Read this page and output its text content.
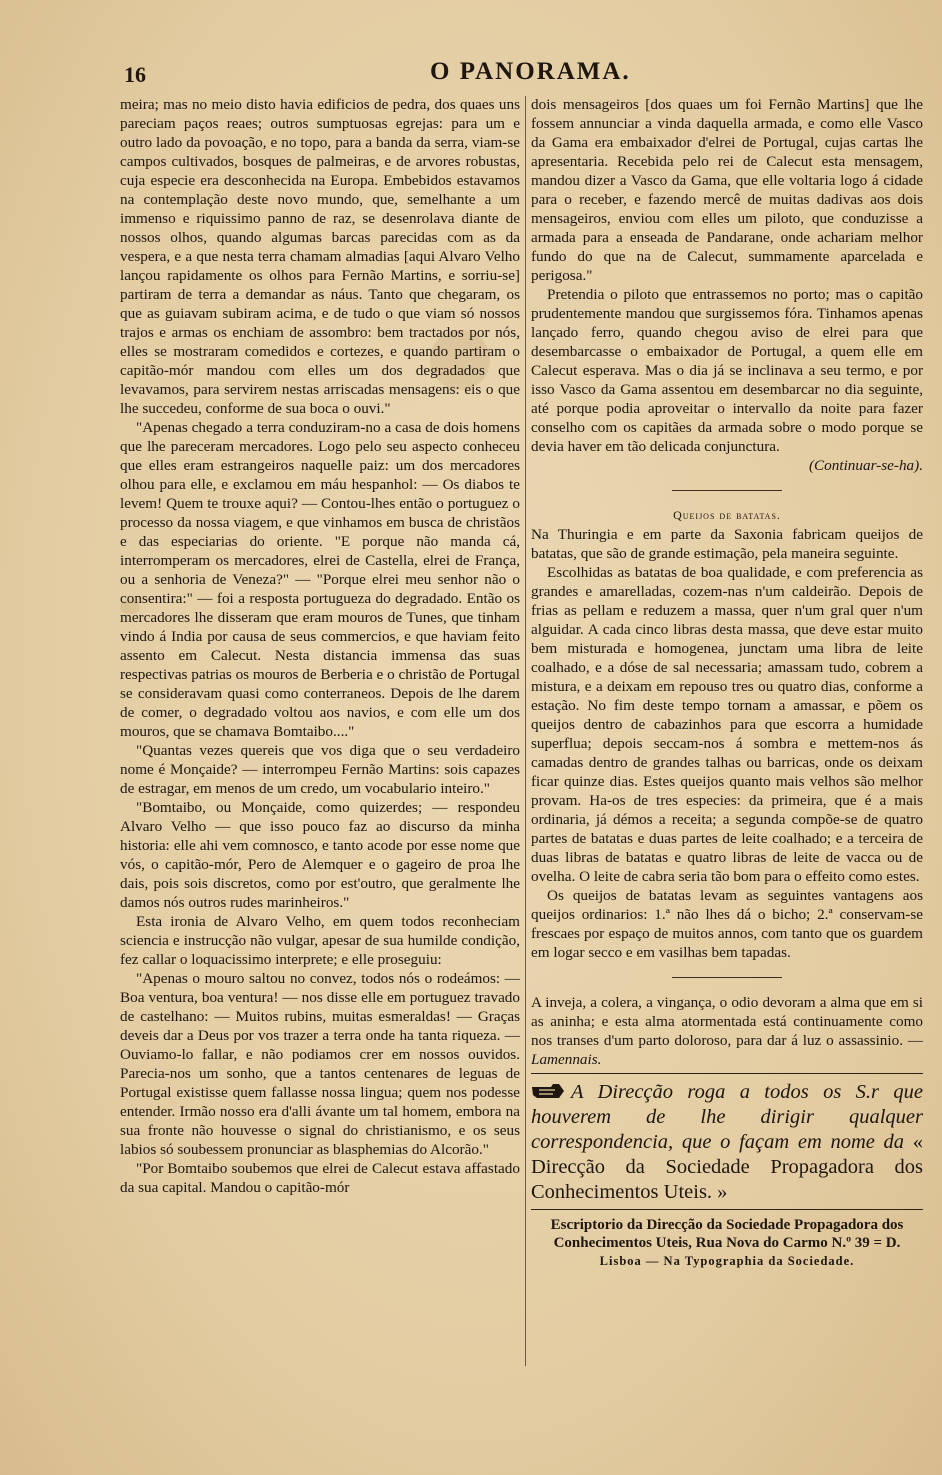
16	O PANORAMA.

meira; mas no meio disto havia edificios de pedra, dos quaes uns pareciam paços reaes; outros sumptuosas egrejas: para um e outro lado da povoação, e no topo, para a banda da serra, viam-se campos cultivados, bosques de palmeiras, e de arvores robustas, cuja especie era desconhecida na Europa. Embebidos estavamos na contemplação deste novo mundo, que, semelhante a um immenso e riquissimo panno de raz, se desenrolava diante de nossos olhos, quando algumas barcas parecidas com as da vespera, e a que nesta terra chamam almadias [aqui Alvaro Velho lançou rapidamente os olhos para Fernão Martins, e sorriu-se] partiram de terra a demandar as náus. Tanto que chegaram, os que as guiavam subiram acima, e de tudo o que viam só nossos trajos e armas os enchiam de assombro: bem tractados por nós, elles se mostraram comedidos e cortezes, e quando partiram o capitão-mór mandou com elles um dos degradados que levavamos, para servirem nestas arriscadas mensagens: eis o que lhe succedeu, conforme de sua boca o ouvi."

"Apenas chegado a terra conduziram-no a casa de dois homens que lhe pareceram mercadores. Logo pelo seu aspecto conheceu que elles eram estrangeiros naquelle paiz: um dos mercadores olhou para elle, e exclamou em máu hespanhol: — Os diabos te levem! Quem te trouxe aqui? — Contou-lhes então o portuguez o processo da nossa viagem, e que vinhamos em busca de christãos e das especiarias do oriente. "E porque não manda cá, interromperam os mercadores, elrei de Castella, elrei de França, ou a senhoria de Veneza?" — "Porque elrei meu senhor não o consentira:" — foi a resposta portugueza do degradado. Então os mercadores lhe disseram que eram mouros de Tunes, que tinham vindo á India por causa de seus commercios, e que haviam feito assento em Calecut. Nesta distancia immensa das suas respectivas patrias os mouros de Berberia e o christão de Portugal se consideravam quasi como conterraneos. Depois de lhe darem de comer, o degradado voltou aos navios, e com elle um dos mouros, que se chamava Bomtaibo...."

"Quantas vezes quereis que vos diga que o seu verdadeiro nome é Monçaide? — interrompeu Fernão Martins: sois capazes de estragar, em menos de um credo, um vocabulario inteiro."

"Bomtaibo, ou Monçaide, como quizerdes; — respondeu Alvaro Velho — que isso pouco faz ao discurso da minha historia: elle ahi vem comnosco, e tanto acode por esse nome que vós, o capitão-mór, Pero de Alemquer e o gageiro de proa lhe dais, pois sois discretos, como por est'outro, que geralmente lhe damos nós outros rudes marinheiros."

Esta ironia de Alvaro Velho, em quem todos reconheciam sciencia e instrucção não vulgar, apesar de sua humilde condição, fez callar o loquacissimo interprete; e elle proseguiu:

"Apenas o mouro saltou no convez, todos nós o rodeámos: — Boa ventura, boa ventura! — nos disse elle em portuguez travado de castelhano: — Muitos rubins, muitas esmeraldas! — Graças deveis dar a Deus por vos trazer a terra onde ha tanta riqueza. — Ouviamo-lo fallar, e não podiamos crer em nossos ouvidos. Parecia-nos um sonho, que a tantos centenares de leguas de Portugal existisse quem fallasse nossa lingua; quem nos podesse entender. Irmão nosso era d'alli ávante um tal homem, embora na sua fronte não houvesse o signal do christianismo, e os seus labios só soubessem pronunciar as blasphemias do Alcorão."

"Por Bomtaibo soubemos que elrei de Calecut estava affastado da sua capital. Mandou o capitão-mór

dois mensageiros [dos quaes um foi Fernão Martins] que lhe fossem annunciar a vinda daquella armada, e como elle Vasco da Gama era embaixador d'elrei de Portugal, cujas cartas lhe apresentaria. Recebida pelo rei de Calecut esta mensagem, mandou dizer a Vasco da Gama, que elle voltaria logo á cidade para o receber, e fazendo mercê de muitas dadivas aos dois mensageiros, enviou com elles um piloto, que conduzisse a armada para a enseada de Pandarane, onde achariam melhor fundo do que na de Calecut, summamente aparcelada e perigosa."

Pretendia o piloto que entrassemos no porto; mas o capitão prudentemente mandou que surgissemos fóra. Tinhamos apenas lançado ferro, quando chegou aviso de elrei para que desembarcasse o embaixador de Portugal, a quem elle em Calecut esperava. Mas o dia já se inclinava a seu termo, e por isso Vasco da Gama assentou em desembarcar no dia seguinte, até porque podia aproveitar o intervallo da noite para fazer conselho com os capitães da armada sobre o modo porque se devia haver em tão delicada conjunctura.

(Continuar-se-ha).

Queijos de batatas.

Na Thuringia e em parte da Saxonia fabricam queijos de batatas, que são de grande estimação, pela maneira seguinte.

Escolhidas as batatas de boa qualidade, e com preferencia as grandes e amarelladas, cozem-nas n'um caldeirão. Depois de frias as pellam e reduzem a massa, quer n'um gral quer n'um alguidar. A cada cinco libras desta massa, que deve estar muito bem misturada e homogenea, junctam uma libra de leite coalhado, e a dóse de sal necessaria; amassam tudo, cobrem a mistura, e a deixam em repouso tres ou quatro dias, conforme a estação. No fim deste tempo tornam a amassar, e põem os queijos dentro de cabazinhos para que escorra a humidade superflua; depois seccam-nos á sombra e mettem-nos ás camadas dentro de grandes talhas ou barricas, onde os deixam ficar quinze dias. Estes queijos quanto mais velhos são melhor provam. Ha-os de tres especies: da primeira, que é a mais ordinaria, já démos a receita; a segunda compõe-se de quatro partes de batatas e duas partes de leite coalhado; e a terceira de duas libras de batatas e quatro libras de leite de vacca ou de ovelha. O leite de cabra seria tão bom para o effeito como estes.

Os queijos de batatas levam as seguintes vantagens aos queijos ordinarios: 1.ª não lhes dá o bicho; 2.ª conservam-se frescaes por espaço de muitos annos, com tanto que os guardem em logar secco e em vasilhas bem tapadas.

A inveja, a colera, a vingança, o odio devoram a alma que em si as aninha; e esta alma atormentada está continuamente como nos transes d'um parto doloroso, para dar á luz o assassinio. — Lamennais.

A Direcção roga a todos os S.r que houverem de lhe dirigir qualquer correspondencia, que o façam em nome da « Direcção da Sociedade Propagadora dos Conhecimentos Uteis. »

Escriptorio da Direcção da Sociedade Propagadora dos Conhecimentos Uteis, Rua Nova do Carmo N.º 39 = D.

Lisboa — Na Typographia da Sociedade.
